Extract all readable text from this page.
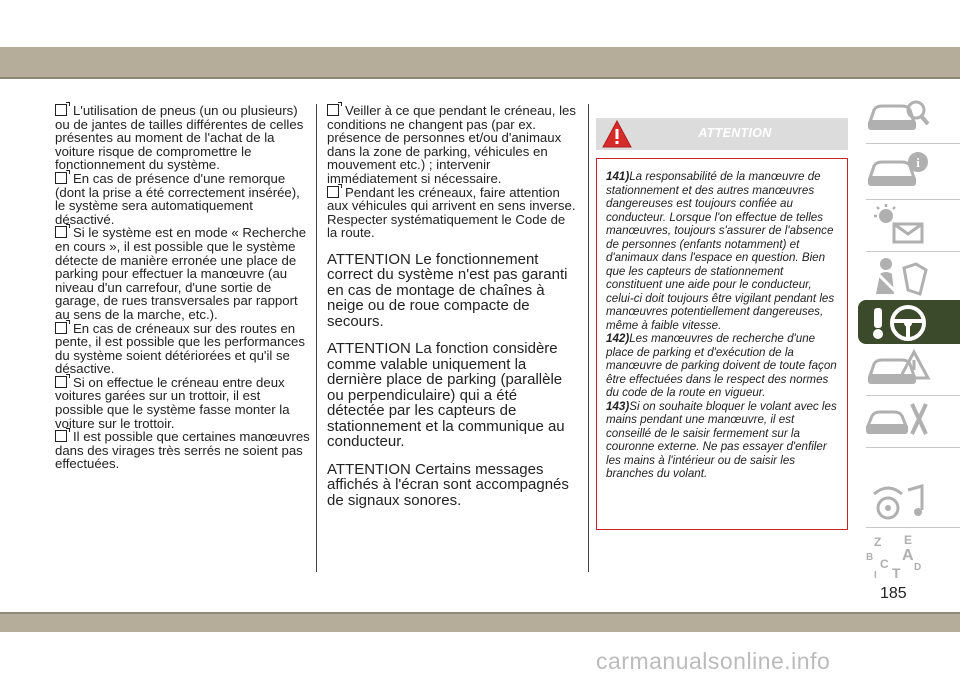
L'utilisation de pneus (un ou plusieurs) ou de jantes de tailles différentes de celles présentes au moment de l'achat de la voiture risque de compromettre le fonctionnement du système.

En cas de présence d'une remorque (dont la prise a été correctement insérée), le système sera automatiquement désactivé.

Si le système est en mode « Recherche en cours », il est possible que le système détecte de manière erronée une place de parking pour effectuer la manœuvre (au niveau d'un carrefour, d'une sortie de garage, de rues transversales par rapport au sens de la marche, etc.).

En cas de créneaux sur des routes en pente, il est possible que les performances du système soient détériorées et qu'il se désactive.

Si on effectue le créneau entre deux voitures garées sur un trottoir, il est possible que le système fasse monter la voiture sur le trottoir.

Il est possible que certaines manœuvres dans des virages très serrés ne soient pas effectuées.

Veiller à ce que pendant le créneau, les conditions ne changent pas (par ex. présence de personnes et/ou d'animaux dans la zone de parking, véhicules en mouvement etc.) ; intervenir immédiatement si nécessaire.

Pendant les créneaux, faire attention aux véhicules qui arrivent en sens inverse. Respecter systématiquement le Code de la route.

ATTENTION Le fonctionnement correct du système n'est pas garanti en cas de montage de chaînes à neige ou de roue compacte de secours.

ATTENTION La fonction considère comme valable uniquement la dernière place de parking (parallèle ou perpendiculaire) qui a été détectée par les capteurs de stationnement et la communique au conducteur.

ATTENTION Certains messages affichés à l'écran sont accompagnés de signaux sonores.

ATTENTION

141)La responsabilité de la manœuvre de stationnement et des autres manœuvres dangereuses est toujours confiée au conducteur. Lorsque l'on effectue de telles manœuvres, toujours s'assurer de l'absence de personnes (enfants notamment) et d'animaux dans l'espace en question. Bien que les capteurs de stationnement constituent une aide pour le conducteur, celui-ci doit toujours être vigilant pendant les manœuvres potentiellement dangereuses, même à faible vitesse.

142)Les manœuvres de recherche d'une place de parking et d'exécution de la manœuvre de parking doivent de toute façon être effectuées dans le respect des normes du code de la route en vigueur.

143)Si on souhaite bloquer le volant avec les mains pendant une manœuvre, il est conseillé de le saisir fermement sur la couronne externe. Ne pas essayer d'enfiler les mains à l'intérieur ou de saisir les branches du volant.

i
Z E
B A
C	D
I T
185
carmanualsonline.info
